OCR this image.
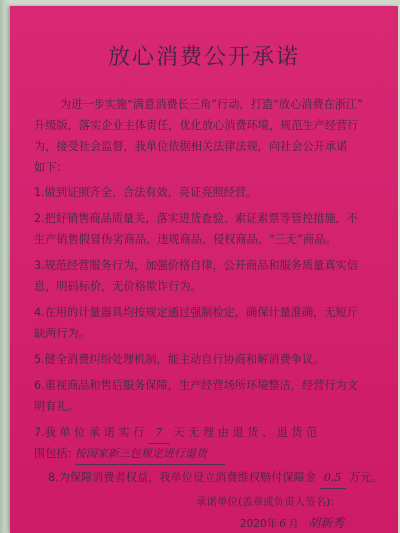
放心消费公开承诺
为进一步实施“满意消费长三角”行动，打造“放心消费在浙江”
升级版，落实企业主体责任，优化放心消费环境，规范生产经营行
为，接受社会监督，我单位依据相关法律法规，向社会公开承诺
如下：
1.做到证照齐全、合法有效，亮证亮照经营。
2.把好销售商品质量关，落实进货查验、索证索票等管控措施，不
生产销售假冒伪劣商品、违规商品、侵权商品、“三无”商品。
3.规范经营服务行为，加强价格自律，公开商品和服务质量真实信
息，明码标价，无价格欺诈行为。
4.在用的计量器具均按规定通过强制检定，确保计量准确，无短斤
缺两行为。
5.健全消费纠纷处理机制，能主动自行协商和解消费争议。
6.重视商品和售后服务保障，生产经营场所环境整洁，经营行为文
明有礼。
7.我 单 位 承 诺 实 行 7 天 无 理 由 退 货 、 退 货 范
围包括: 按国家新三包规定进行退货
8.为保障消费者权益，我单位设立消费维权赔付保障金 0.5 万元。
承诺单位(盖章或负责人签名):
2020年 6 月 胡新秀
